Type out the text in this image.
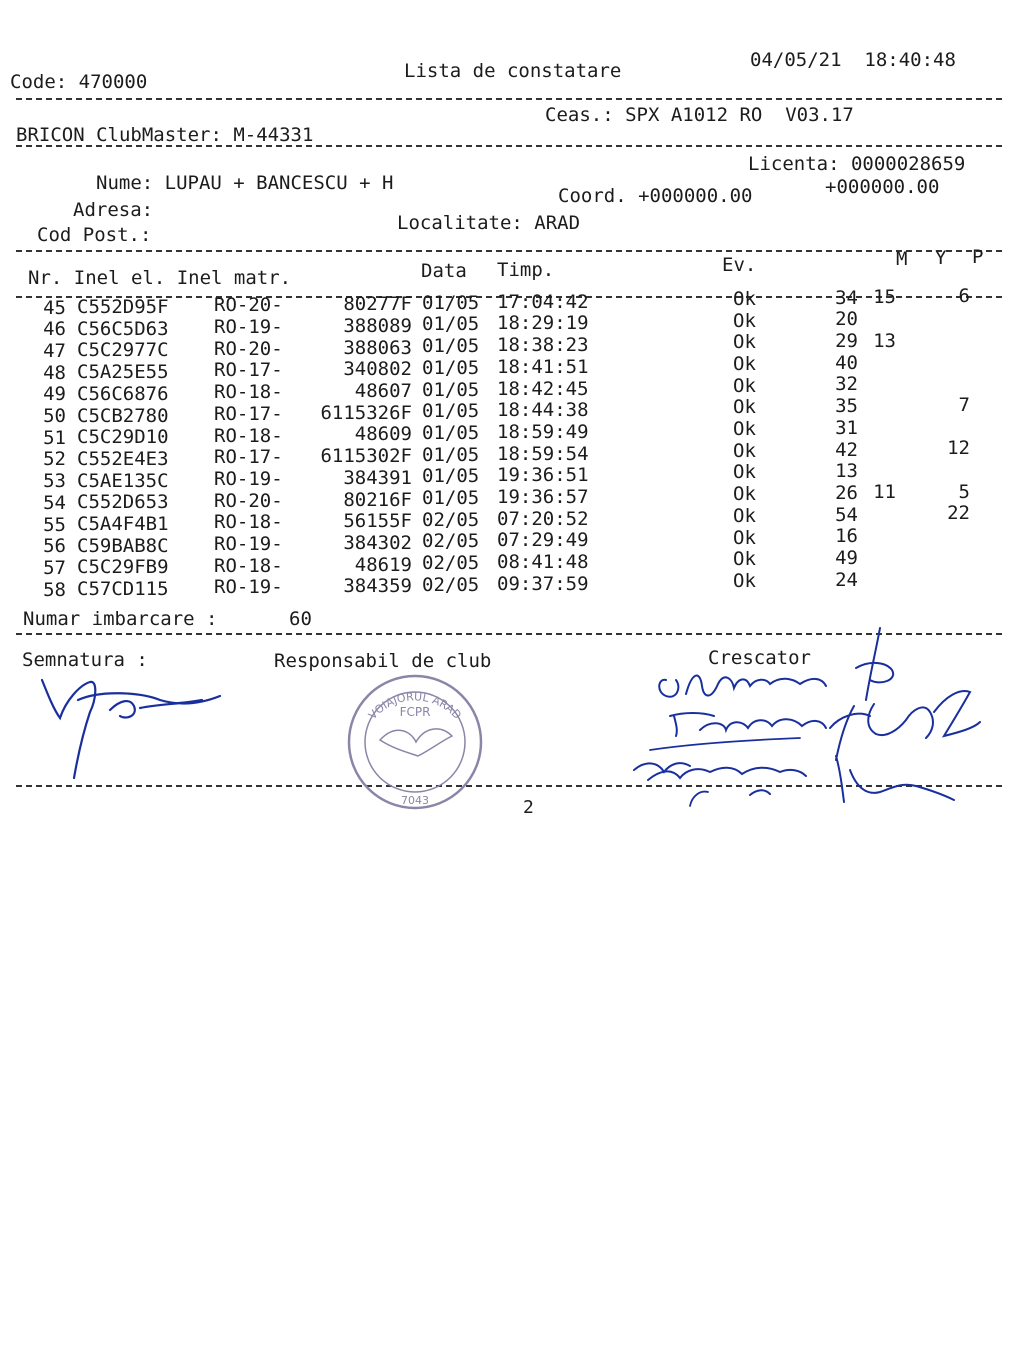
Code: 470000	Lista de constatare	04/05/21  18:40:48
BRICON ClubMaster: M-44331
Ceas.: SPX A1012 RO  V03.17
Licenta: 0000028659
Nume: LUPAU + BANCESCU + H
Coord. +000000.00	+000000.00
Adresa:
Cod Post.:
Localitate: ARAD
Nr. Inel el. Inel matr.	Data Timp.	Ev.	M Y P
45 C552D95F	RO-20-	80277F 01/05 17:04:42	Ok	34 15	6
46 C56C5D63	RO-19-	388089 01/05 18:29:19	Ok	20
47 C5C2977C	RO-20-	388063 01/05 18:38:23	Ok	29 13
48 C5A25E55	RO-17-	340802 01/05 18:41:51	Ok	40
49 C56C6876	RO-18-	48607 01/05 18:42:45	Ok	32
50 C5CB2780	RO-17-	6115326F 01/05 18:44:38	Ok	35	7
51 C5C29D10	RO-18-	48609 01/05 18:59:49	Ok	31
52 C552E4E3	RO-17-	6115302F 01/05 18:59:54	Ok	42	12
53 C5AE135C	RO-19-	384391 01/05 19:36:51	Ok	13
54 C552D653	RO-20-	80216F 01/05 19:36:57	Ok	26 11	5
55 C5A4F4B1	RO-18-	56155F 02/05 07:20:52	Ok	54	22
56 C59BAB8C	RO-19-	384302 02/05 07:29:49	Ok	16
57 C5C29FB9	RO-18-	48619 02/05 08:41:48	Ok	49
58 C57CD115	RO-19-	384359 02/05 09:37:59	Ok	24
Numar imbarcare :	60
Semnatura :	Responsabil de club	Crescator
2
VOIAJORUL ARAD
FCPR
7043
